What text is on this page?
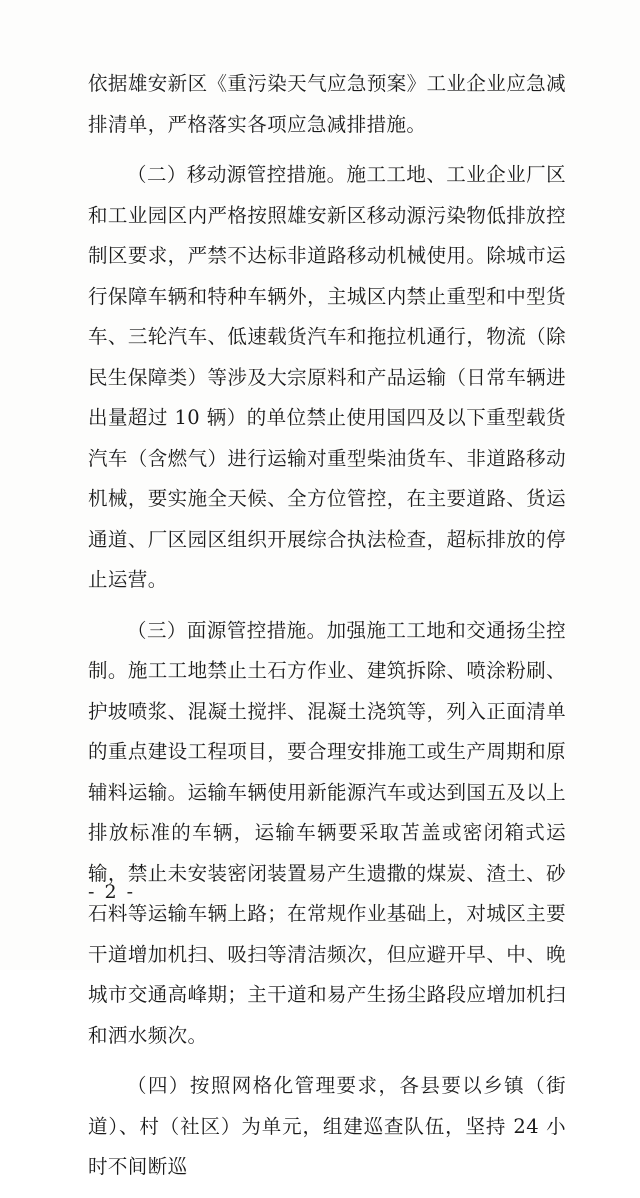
依据雄安新区《重污染天气应急预案》工业企业应急减排清单，严格落实各项应急减排措施。

（二）移动源管控措施。施工工地、工业企业厂区和工业园区内严格按照雄安新区移动源污染物低排放控制区要求，严禁不达标非道路移动机械使用。除城市运行保障车辆和特种车辆外，主城区内禁止重型和中型货车、三轮汽车、低速载货汽车和拖拉机通行，物流（除民生保障类）等涉及大宗原料和产品运输（日常车辆进出量超过 10 辆）的单位禁止使用国四及以下重型载货汽车（含燃气）进行运输对重型柴油货车、非道路移动机械，要实施全天候、全方位管控，在主要道路、货运通道、厂区园区组织开展综合执法检查，超标排放的停止运营。

（三）面源管控措施。加强施工工地和交通扬尘控制。施工工地禁止土石方作业、建筑拆除、喷涂粉刷、护坡喷浆、混凝土搅拌、混凝土浇筑等，列入正面清单的重点建设工程项目，要合理安排施工或生产周期和原辅料运输。运输车辆使用新能源汽车或达到国五及以上排放标准的车辆，运输车辆要采取苫盖或密闭箱式运输，禁止未安装密闭装置易产生遗撒的煤炭、渣土、砂石料等运输车辆上路；在常规作业基础上，对城区主要干道增加机扫、吸扫等清洁频次，但应避开早、中、晚城市交通高峰期；主干道和易产生扬尘路段应增加机扫和洒水频次。

（四）按照网格化管理要求，各县要以乡镇（街道）、村（社区）为单元，组建巡查队伍，坚持 24 小时不间断巡

- 2 -
